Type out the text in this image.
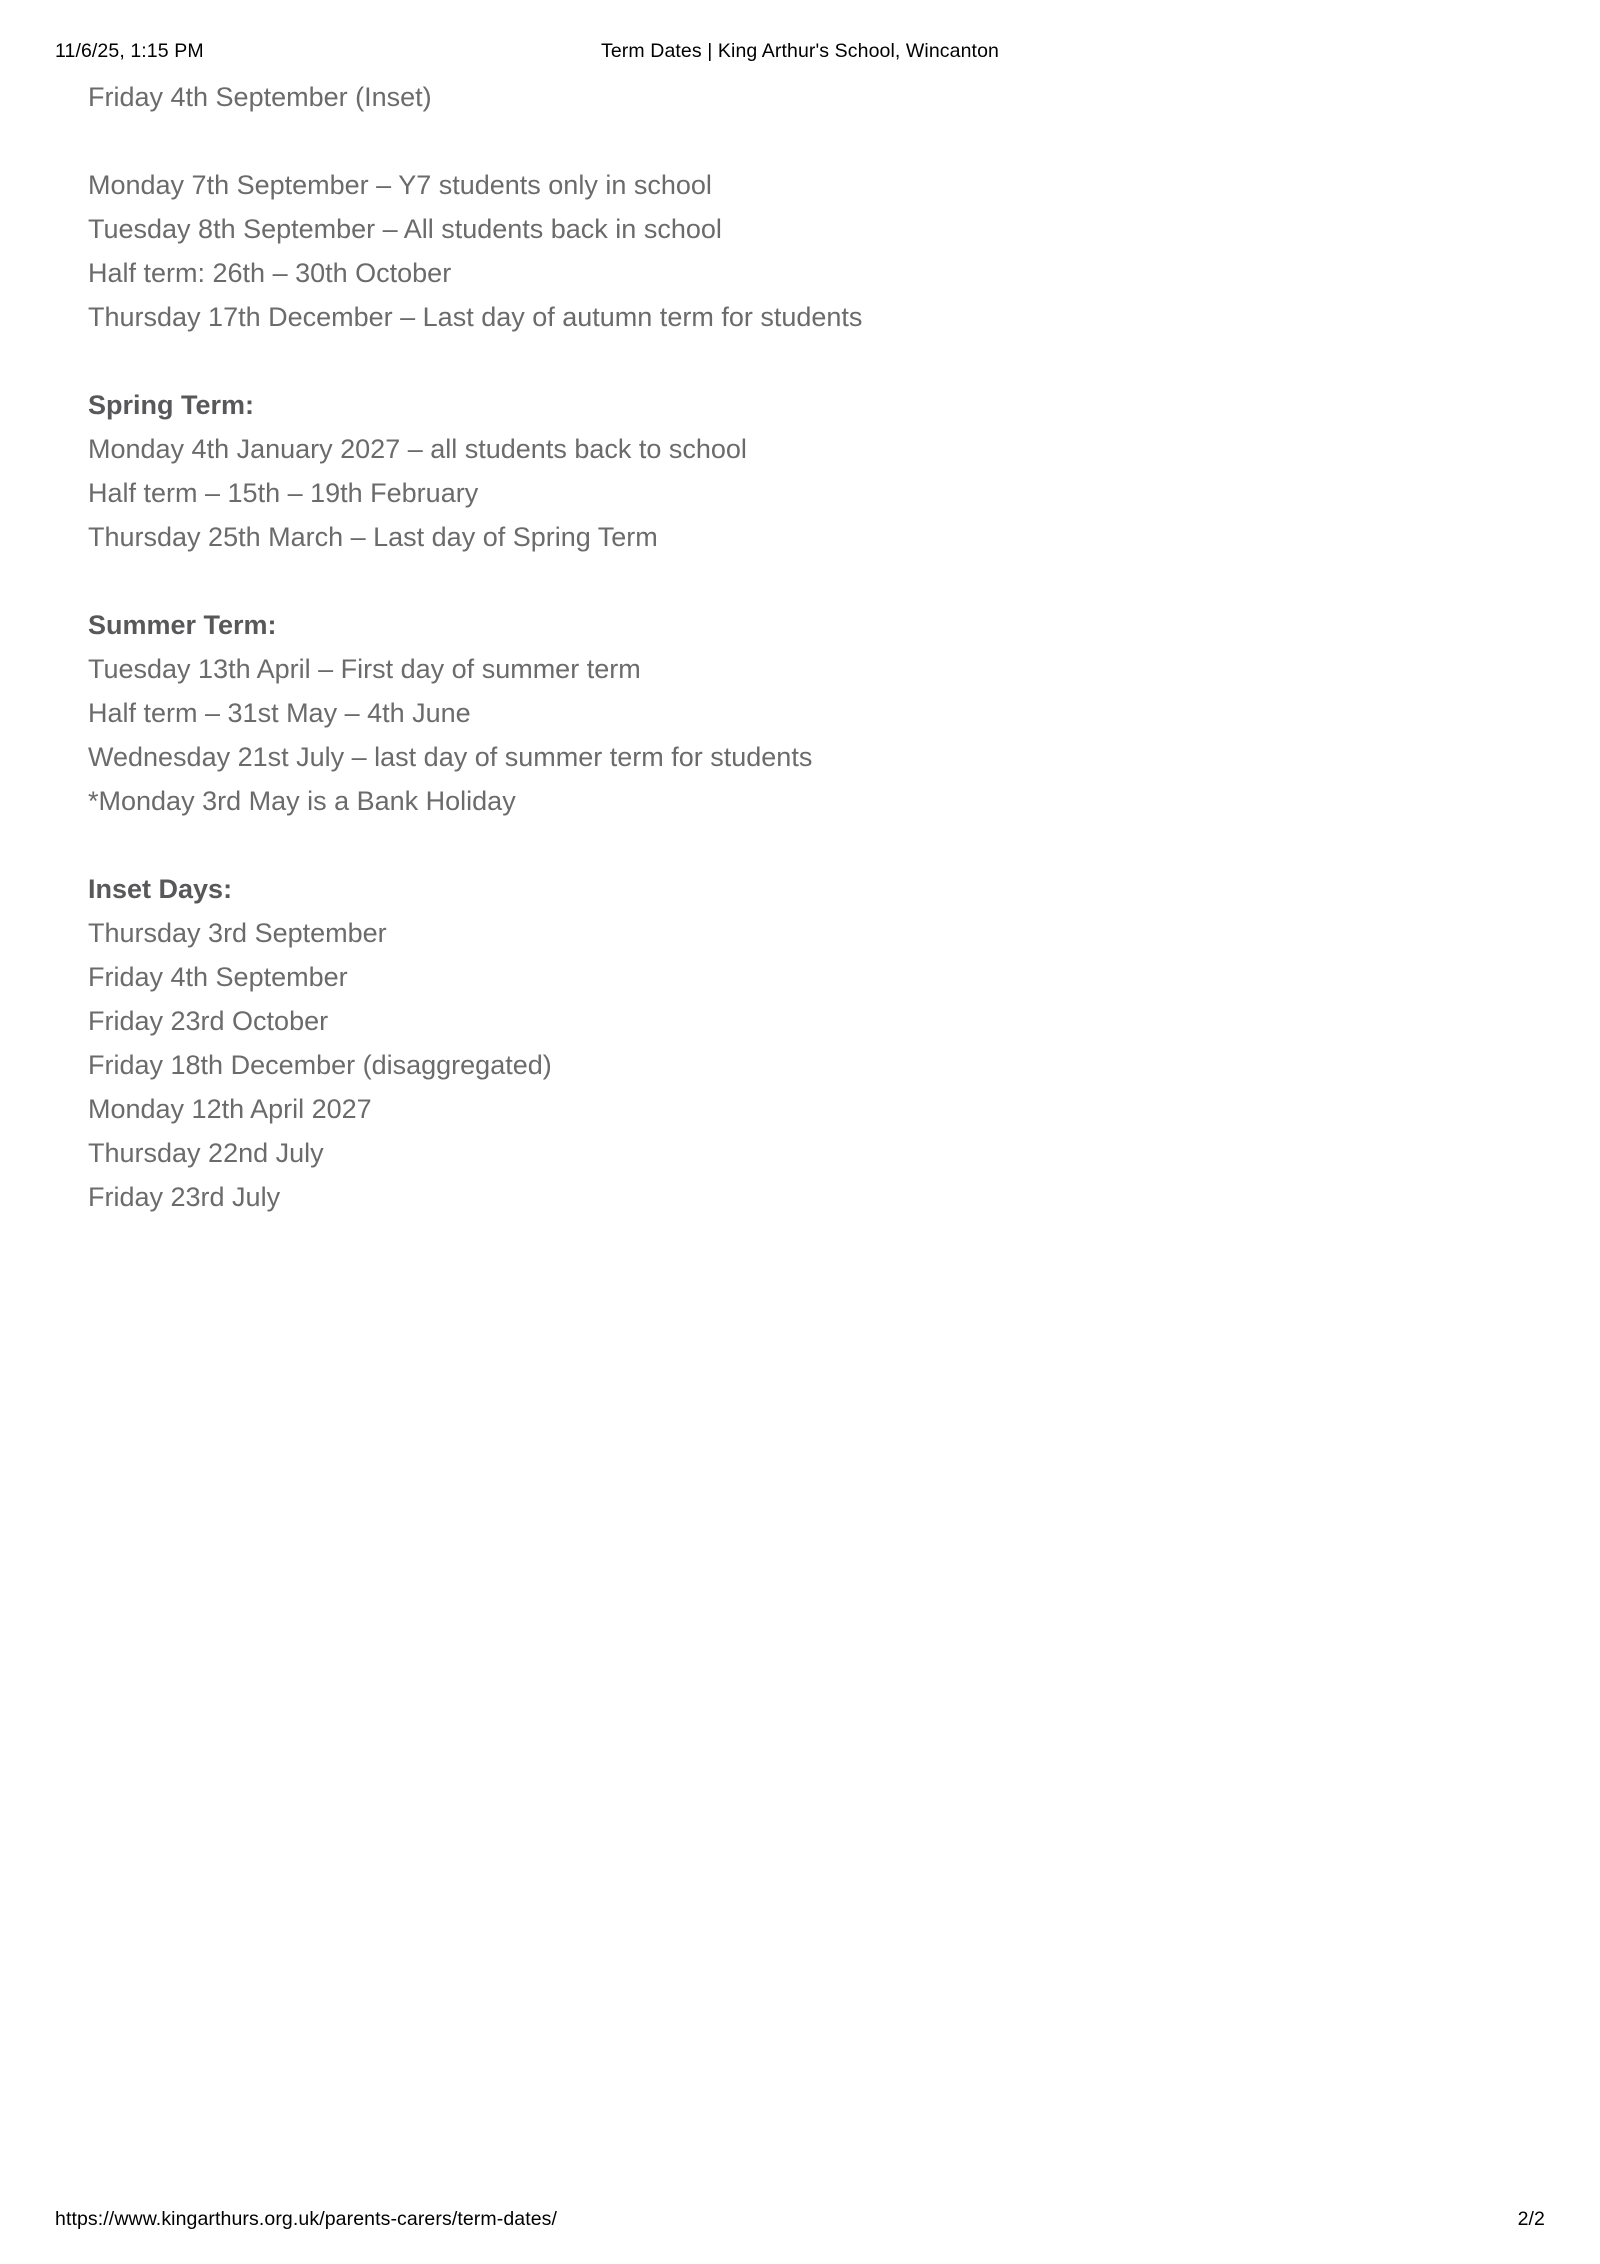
11/6/25, 1:15 PM	Term Dates | King Arthur's School, Wincanton
Friday 4th September (Inset)
Monday 7th September – Y7 students only in school
Tuesday 8th September – All students back in school
Half term: 26th – 30th October
Thursday 17th December – Last day of autumn term for students
Spring Term:
Monday 4th January 2027 – all students back to school
Half term – 15th – 19th February
Thursday 25th March – Last day of Spring Term
Summer Term:
Tuesday 13th April – First day of summer term
Half term – 31st May – 4th June
Wednesday 21st July – last day of summer term for students
*Monday 3rd May is a Bank Holiday
Inset Days:
Thursday 3rd September
Friday 4th September
Friday 23rd October
Friday 18th December (disaggregated)
Monday 12th April 2027
Thursday 22nd July
Friday 23rd July
https://www.kingarthurs.org.uk/parents-carers/term-dates/	2/2
